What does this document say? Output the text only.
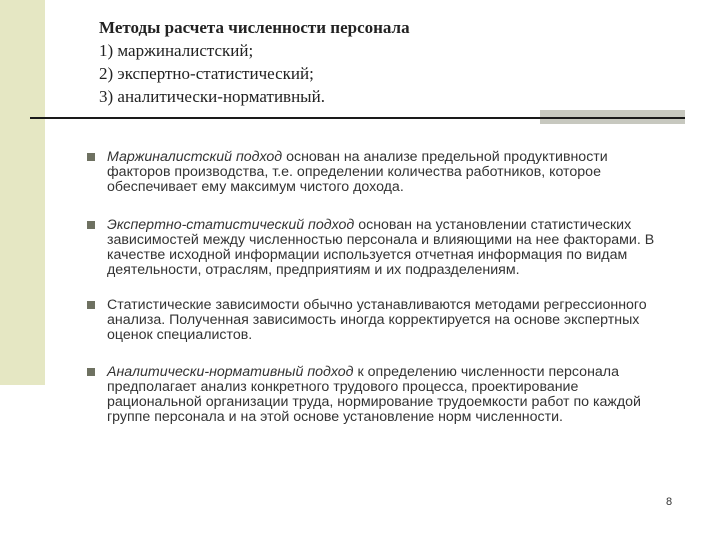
Методы расчета численности персонала
1) маржиналистский;
2) экспертно-статистический;
3) аналитически-нормативный.
Маржиналистский подход основан на анализе предельной продуктивности факторов производства, т.е. определении количества работников, которое обеспечивает ему максимум чистого дохода.
Экспертно-статистический подход основан на установлении статистических зависимостей между численностью персонала и влияющими на нее факторами. В качестве исходной информации используется отчетная информация по видам деятельности, отраслям, предприятиям и их подразделениям.
Статистические зависимости обычно устанавливаются методами регрессионного анализа. Полученная зависимость иногда корректируется на основе экспертных оценок специалистов.
Аналитически-нормативный подход к определению численности персонала предполагает анализ конкретного трудового процесса, проектирование рациональной организации труда, нормирование трудоемкости работ по каждой группе персонала и на этой основе установление норм численности.
8
